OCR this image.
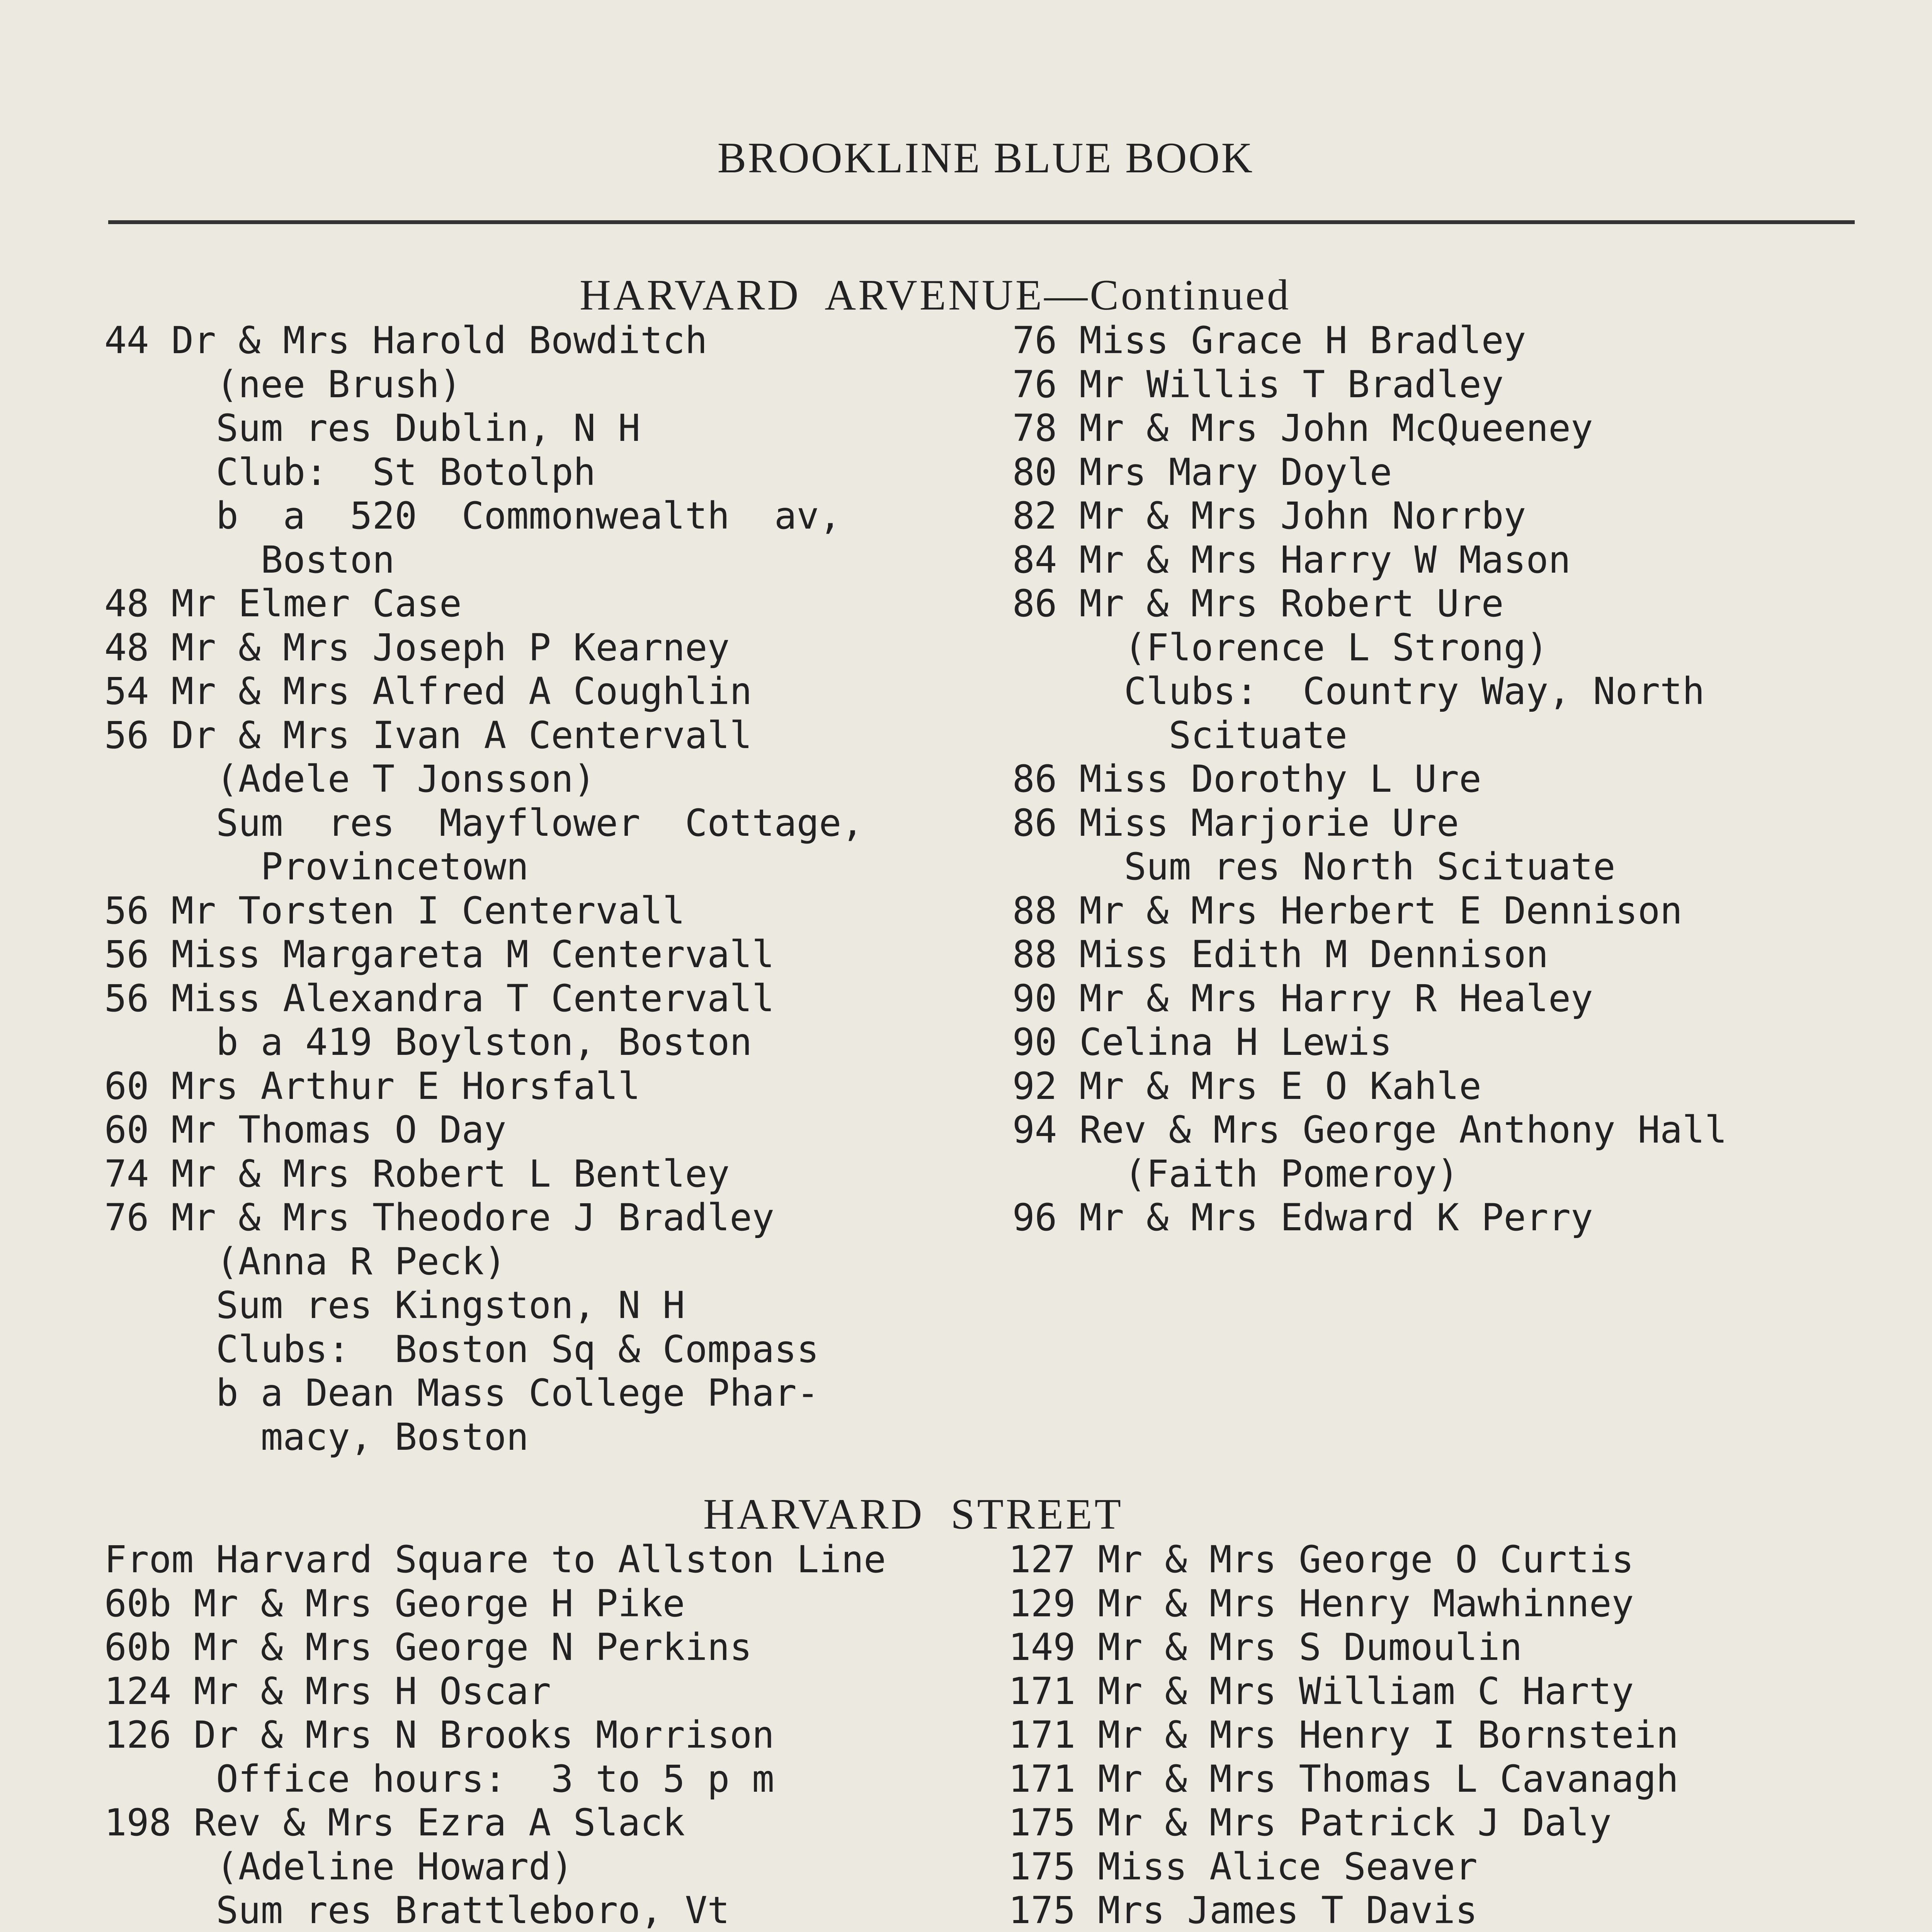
BROOKLINE BLUE BOOK
HARVARD  ARVENUE—Continued
44 Dr & Mrs Harold Bowditch
(nee Brush)
Sum res Dublin, N H
Club:  St Botolph
b  a  520  Commonwealth  av,
Boston
48 Mr Elmer Case
48 Mr & Mrs Joseph P Kearney
54 Mr & Mrs Alfred A Coughlin
56 Dr & Mrs Ivan A Centervall
(Adele T Jonsson)
Sum  res  Mayflower  Cottage,
Provincetown
56 Mr Torsten I Centervall
56 Miss Margareta M Centervall
56 Miss Alexandra T Centervall
b a 419 Boylston, Boston
60 Mrs Arthur E Horsfall
60 Mr Thomas O Day
74 Mr & Mrs Robert L Bentley
76 Mr & Mrs Theodore J Bradley
(Anna R Peck)
Sum res Kingston, N H
Clubs:  Boston Sq & Compass
b a Dean Mass College Phar-
macy, Boston
76 Miss Grace H Bradley
76 Mr Willis T Bradley
78 Mr & Mrs John McQueeney
80 Mrs Mary Doyle
82 Mr & Mrs John Norrby
84 Mr & Mrs Harry W Mason
86 Mr & Mrs Robert Ure
(Florence L Strong)
Clubs:  Country Way, North
Scituate
86 Miss Dorothy L Ure
86 Miss Marjorie Ure
Sum res North Scituate
88 Mr & Mrs Herbert E Dennison
88 Miss Edith M Dennison
90 Mr & Mrs Harry R Healey
90 Celina H Lewis
92 Mr & Mrs E O Kahle
94 Rev & Mrs George Anthony Hall
(Faith Pomeroy)
96 Mr & Mrs Edward K Perry
HARVARD  STREET
From Harvard Square to Allston Line
60b Mr & Mrs George H Pike
60b Mr & Mrs George N Perkins
124 Mr & Mrs H Oscar
126 Dr & Mrs N Brooks Morrison
Office hours:  3 to 5 p m
198 Rev & Mrs Ezra A Slack
(Adeline Howard)
Sum res Brattleboro, Vt
127 Mr & Mrs George O Curtis
129 Mr & Mrs Henry Mawhinney
149 Mr & Mrs S Dumoulin
171 Mr & Mrs William C Harty
171 Mr & Mrs Henry I Bornstein
171 Mr & Mrs Thomas L Cavanagh
175 Mr & Mrs Patrick J Daly
175 Miss Alice Seaver
175 Mrs James T Davis
